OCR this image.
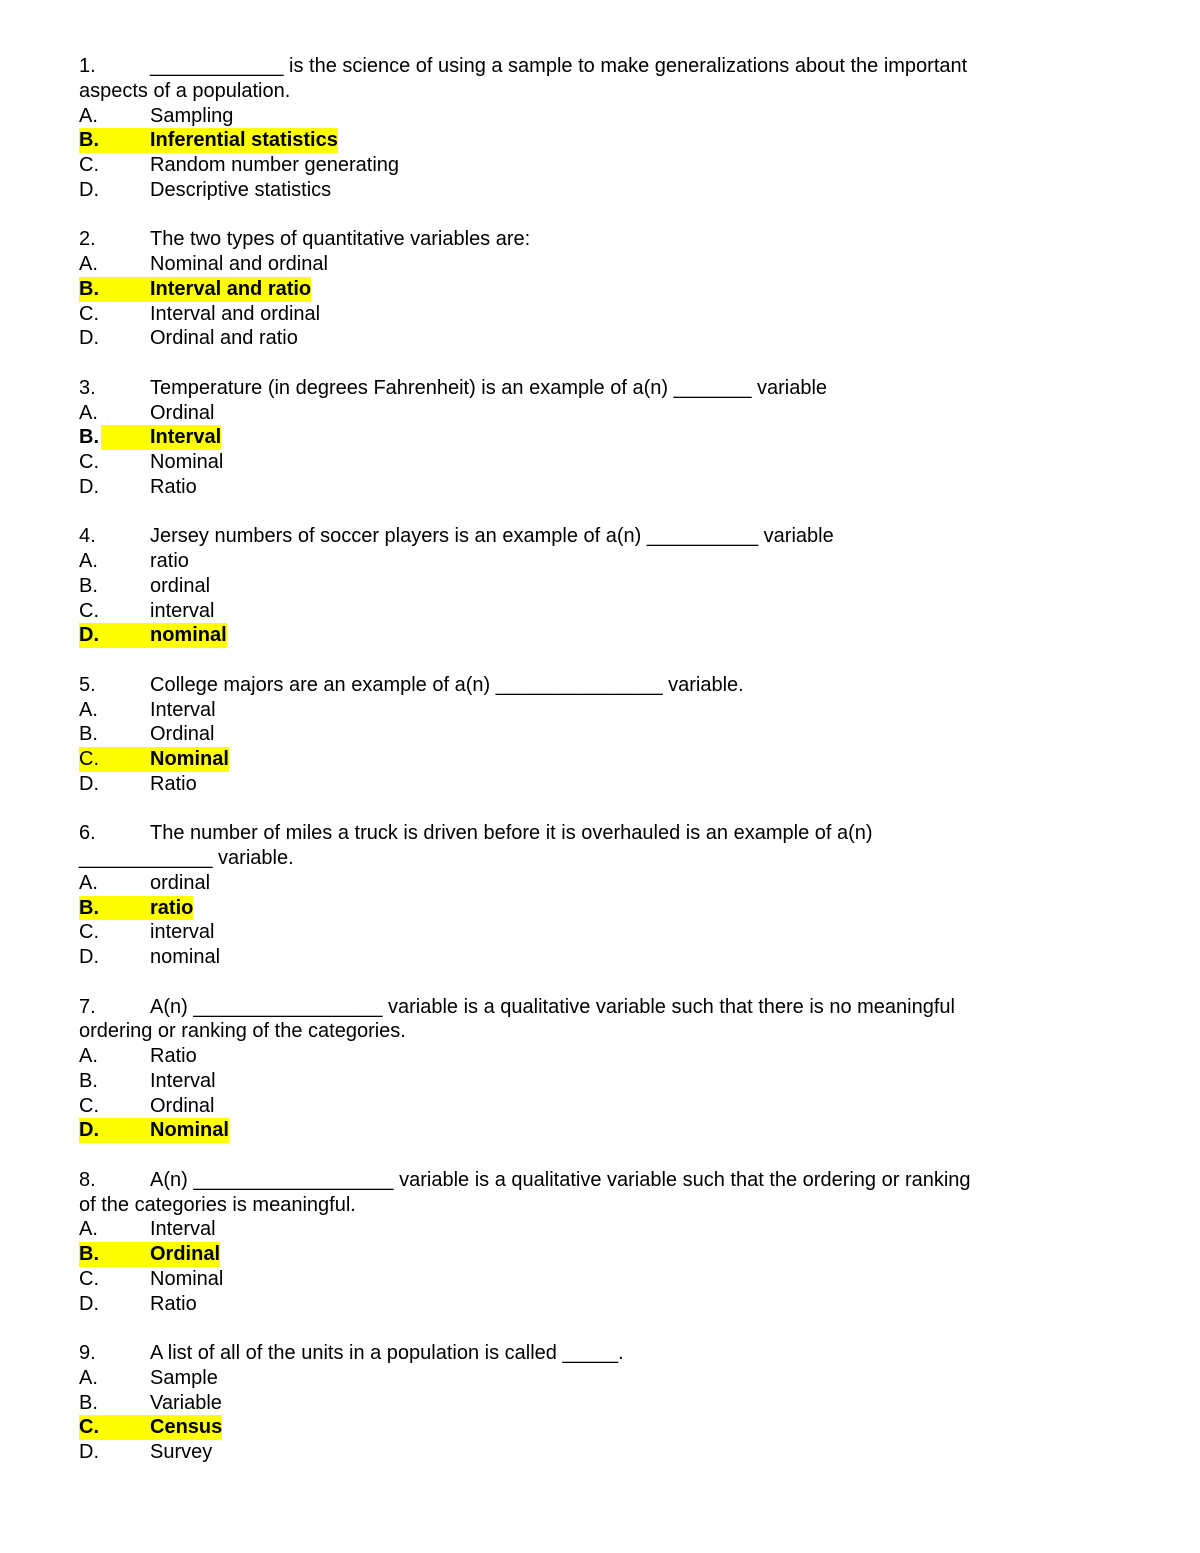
1.	____________ is the science of using a sample to make generalizations about the important
aspects of a population.
A.	Sampling
B.	Inferential statistics
C.	Random number generating
D.	Descriptive statistics
2.	The two types of quantitative variables are:
A.	Nominal and ordinal
B.	Interval and ratio
C.	Interval and ordinal
D.	Ordinal and ratio
3.	Temperature (in degrees Fahrenheit) is an example of a(n) _______ variable
A.	Ordinal
B.	Interval
C.	Nominal
D.	Ratio
4.	Jersey numbers of soccer players is an example of a(n) __________ variable
A.	ratio
B.	ordinal
C.	interval
D.	nominal
5.	College majors are an example of a(n) _______________ variable.
A.	Interval
B.	Ordinal
C.	Nominal
D.	Ratio
6.	The number of miles a truck is driven before it is overhauled is an example of a(n)
____________ variable.
A.	ordinal
B.	ratio
C.	interval
D.	nominal
7.	A(n) _________________ variable is a qualitative variable such that there is no meaningful
ordering or ranking of the categories.
A.	Ratio
B.	Interval
C.	Ordinal
D.	Nominal
8.	A(n) __________________ variable is a qualitative variable such that the ordering or ranking
of the categories is meaningful.
A.	Interval
B.	Ordinal
C.	Nominal
D.	Ratio
9.	A list of all of the units in a population is called _____.
A.	Sample
B.	Variable
C.	Census
D.	Survey
